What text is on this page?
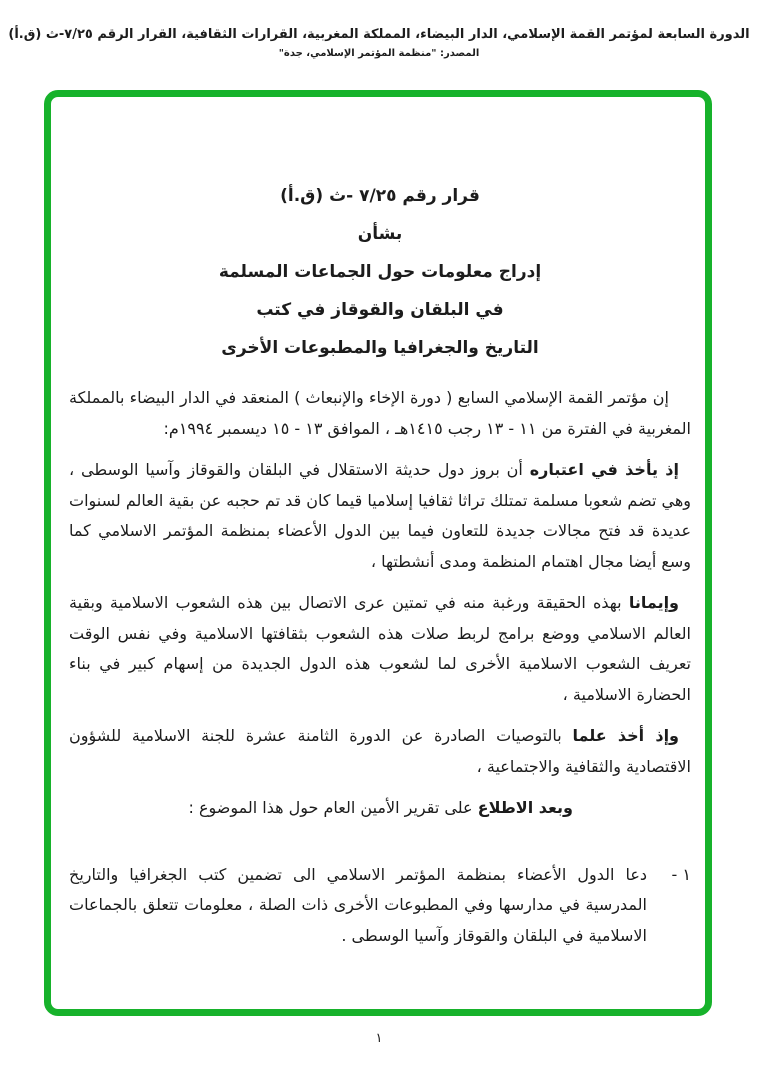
الدورة السابعة لمؤتمر القمة الإسلامي، الدار البيضاء، المملكة المغربية، القرارات الثقافية، القرار الرقم ٧/٢٥-ث (ق.أ)
المصدر: "منظمة المؤتمر الإسلامي، جدة"
قرار رقم ٧/٢٥ -ث (ق.أ)
بشأن
إدراج معلومات حول الجماعات المسلمة
في البلقان والقوقاز في كتب
التاريخ والجغرافيا والمطبوعات الأخرى

إن مؤتمر القمة الإسلامي السابع ( دورة الإخاء والإنبعاث ) المنعقد في الدار البيضاء بالمملكة المغربية في الفترة من ١١ - ١٣ رجب ١٤١٥هـ ، الموافق ١٣ - ١٥ ديسمبر ١٩٩٤م:

إذ يأخذ في اعتباره أن بروز دول حديثة الاستقلال في البلقان والقوقاز وآسيا الوسطى ، وهي تضم شعوبا مسلمة تمتلك تراثا ثقافيا إسلاميا قيما كان قد تم حجبه عن بقية العالم لسنوات عديدة قد فتح مجالات جديدة للتعاون فيما بين الدول الأعضاء بمنظمة المؤتمر الاسلامي كما وسع أيضا مجال اهتمام المنظمة ومدى أنشطتها ،

وإيمانا بهذه الحقيقة ورغبة منه في تمتين عرى الاتصال بين هذه الشعوب الاسلامية وبقية العالم الاسلامي ووضع برامج لربط صلات هذه الشعوب بثقافتها الاسلامية وفي نفس الوقت تعريف الشعوب الاسلامية الأخرى لما لشعوب هذه الدول الجديدة من إسهام كبير في بناء الحضارة الاسلامية ،

وإذ أخذ علما بالتوصيات الصادرة عن الدورة الثامنة عشرة للجنة الاسلامية للشؤون الاقتصادية والثقافية والاجتماعية ،

وبعد الاطلاع على تقرير الأمين العام حول هذا الموضوع :

١ -
دعا الدول الأعضاء بمنظمة المؤتمر الاسلامي الى تضمين كتب الجغرافيا والتاريخ المدرسية في مدارسها وفي المطبوعات الأخرى ذات الصلة ، معلومات تتعلق بالجماعات الاسلامية في البلقان والقوقاز وآسيا الوسطى .
١
